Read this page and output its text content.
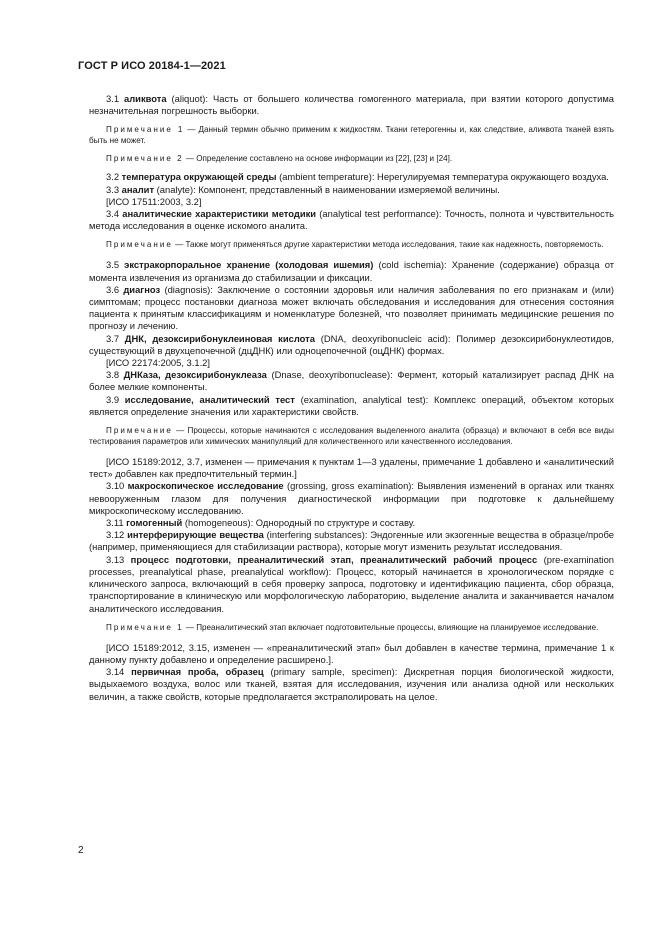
ГОСТ Р ИСО 20184-1—2021

3.1 аликвота (aliquot): Часть от большего количества гомогенного материала, при взятии которого допустима незначительная погрешность выборки.

Примечание 1 — Данный термин обычно применим к жидкостям. Ткани гетерогенны и, как следствие, аликвота тканей взять быть не может.

Примечание 2 — Определение составлено на основе информации из [22], [23] и [24].

3.2 температура окружающей среды (ambient temperature): Нерегулируемая температура окружающего воздуха.

3.3 аналит (analyte): Компонент, представленный в наименовании измеряемой величины.

[ИСО 17511:2003, 3.2]

3.4 аналитические характеристики методики (analytical test performance): Точность, полнота и чувствительность метода исследования в оценке искомого аналита.

Примечание — Также могут применяться другие характеристики метода исследования, такие как надежность, повторяемость.

3.5 экстракорпоральное хранение (холодовая ишемия) (cold ischemia): Хранение (содержание) образца от момента извлечения из организма до стабилизации и фиксации.

3.6 диагноз (diagnosis): Заключение о состоянии здоровья или наличия заболевания по его признакам и (или) симптомам; процесс постановки диагноза может включать обследования и исследования для отнесения состояния пациента к принятым классификациям и номенклатуре болезней, что позволяет принимать медицинские решения по прогнозу и лечению.

3.7 ДНК, дезоксирибонуклеиновая кислота (DNA, deoxyribonucleic acid): Полимер дезоксирибонуклеотидов, существующий в двухцепочечной (дцДНК) или одноцепочечной (оцДНК) формах.

[ИСО 22174:2005, 3.1.2]

3.8 ДНКаза, дезоксирибонуклеаза (Dnase, deoxyribonuclease): Фермент, который катализирует распад ДНК на более мелкие компоненты.

3.9 исследование, аналитический тест (examination, analytical test): Комплекс операций, объектом которых является определение значения или характеристики свойств.

Примечание — Процессы, которые начинаются с исследования выделенного аналита (образца) и включают в себя все виды тестирования параметров или химических манипуляций для количественного или качественного исследования.

[ИСО 15189:2012, 3.7, изменен — примечания к пунктам 1—3 удалены, примечание 1 добавлено и «аналитический тест» добавлен как предпочтительный термин.]

3.10 макроскопическое исследование (grossing, gross examination): Выявления изменений в органах или тканях невооруженным глазом для получения диагностической информации при подготовке к дальнейшему микроскопическому исследованию.

3.11 гомогенный (homogeneous): Однородный по структуре и составу.

3.12 интерферирующие вещества (interfering substances): Эндогенные или экзогенные вещества в образце/пробе (например, применяющиеся для стабилизации раствора), которые могут изменить результат исследования.

3.13 процесс подготовки, преаналитический этап, преаналитический рабочий процесс (pre-examination processes, preanalytical phase, preanalytical workflow): Процесс, который начинается в хронологическом порядке с клинического запроса, включающий в себя проверку запроса, подготовку и идентификацию пациента, сбор образца, транспортирование в клиническую или морфологическую лабораторию, выделение аналита и заканчивается началом аналитического исследования.

Примечание 1 — Преаналитический этап включает подготовительные процессы, влияющие на планируемое исследование.

[ИСО 15189:2012, 3.15, изменен — «преаналитический этап» был добавлен в качестве термина, примечание 1 к данному пункту добавлено и определение расширено.].

3.14 первичная проба, образец (primary sample, specimen): Дискретная порция биологической жидкости, выдыхаемого воздуха, волос или тканей, взятая для исследования, изучения или анализа одной или нескольких величин, а также свойств, которые предполагается экстраполировать на целое.

2
